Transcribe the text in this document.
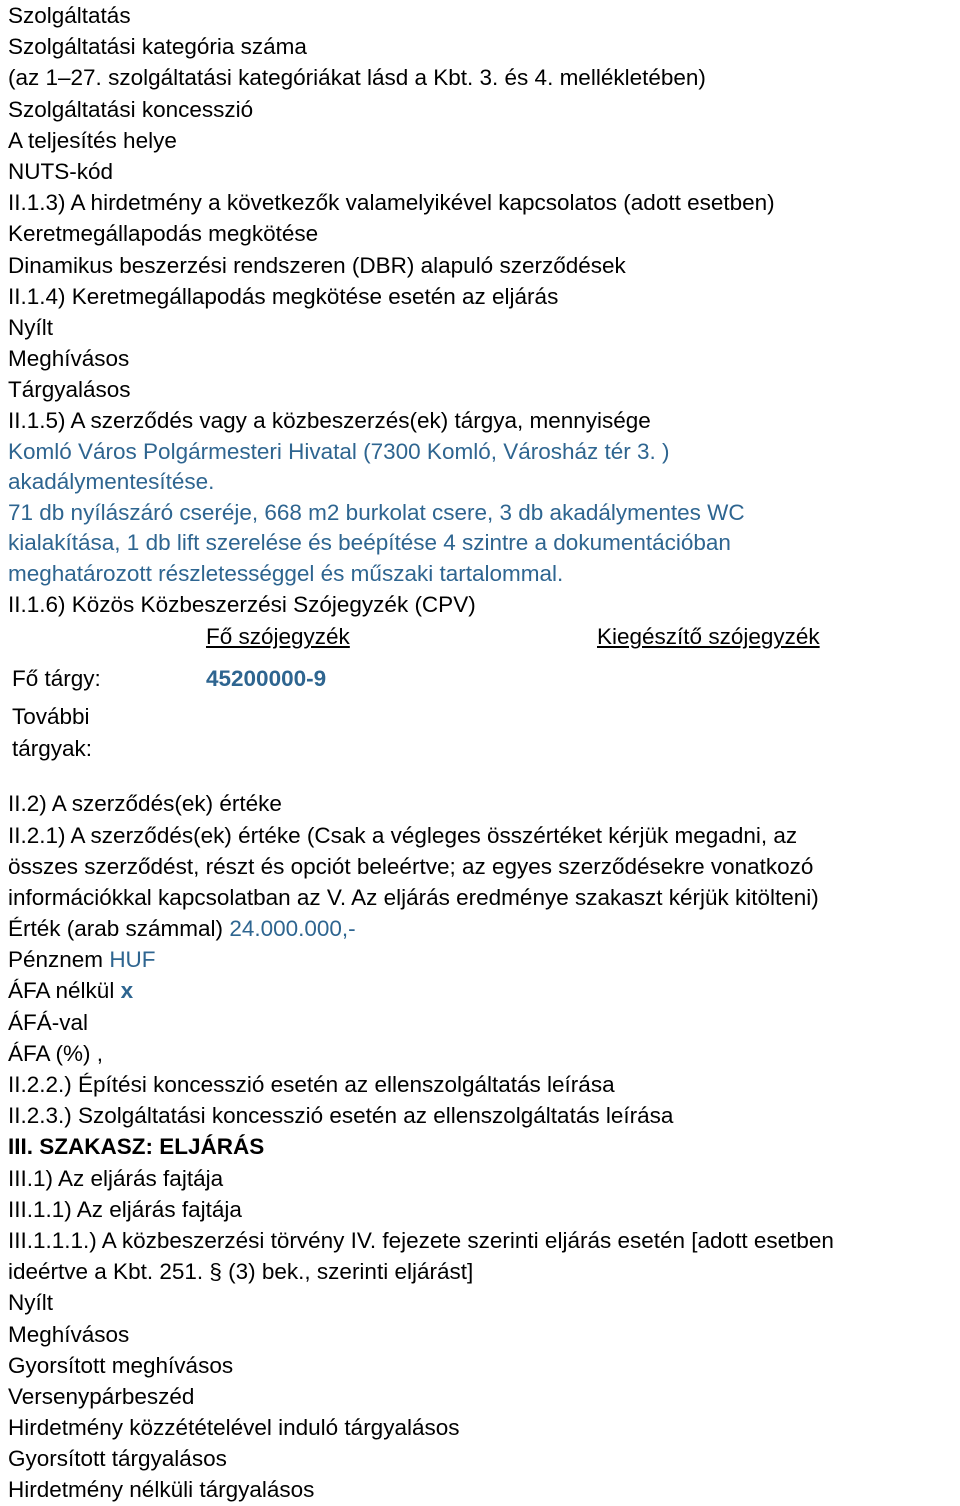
Szolgáltatás
Szolgáltatási kategória száma
(az 1–27. szolgáltatási kategóriákat lásd a Kbt. 3. és 4. mellékletében)
Szolgáltatási koncesszió
A teljesítés helye
NUTS-kód
II.1.3) A hirdetmény a következők valamelyikével kapcsolatos (adott esetben)
Keretmegállapodás megkötése
Dinamikus beszerzési rendszeren (DBR) alapuló szerződések
II.1.4) Keretmegállapodás megkötése esetén az eljárás
Nyílt
Meghívásos
Tárgyalásos
II.1.5) A szerződés vagy a közbeszerzés(ek) tárgya, mennyisége
Komló Város Polgármesteri Hivatal (7300 Komló, Városház tér 3. )
akadálymentesítése.
71 db nyílászáró cseréje, 668 m2 burkolat csere, 3 db akadálymentes WC
kialakítása, 1 db lift szerelése és beépítése 4 szintre a dokumentációban
meghatározott részletességgel és műszaki tartalommal.
II.1.6) Közös Közbeszerzési Szójegyzék (CPV)
Fő szójegyzék	Kiegészítő szójegyzék
Fő tárgy:	45200000-9
További
tárgyak:
II.2) A szerződés(ek) értéke
II.2.1) A szerződés(ek) értéke (Csak a végleges összértéket kérjük megadni, az
összes szerződést, részt és opciót beleértve; az egyes szerződésekre vonatkozó
információkkal kapcsolatban az V. Az eljárás eredménye szakaszt kérjük kitölteni)
Érték (arab számmal) 24.000.000,-
Pénznem HUF
ÁFA nélkül x
ÁFÁ-val
ÁFA (%) ,
II.2.2.) Építési koncesszió esetén az ellenszolgáltatás leírása
II.2.3.) Szolgáltatási koncesszió esetén az ellenszolgáltatás leírása
III. SZAKASZ: ELJÁRÁS
III.1) Az eljárás fajtája
III.1.1) Az eljárás fajtája
III.1.1.1.) A közbeszerzési törvény IV. fejezete szerinti eljárás esetén [adott esetben
ideértve a Kbt. 251. § (3) bek., szerinti eljárást]
Nyílt
Meghívásos
Gyorsított meghívásos
Versenypárbeszéd
Hirdetmény közzétételével induló tárgyalásos
Gyorsított tárgyalásos
Hirdetmény nélküli tárgyalásos
